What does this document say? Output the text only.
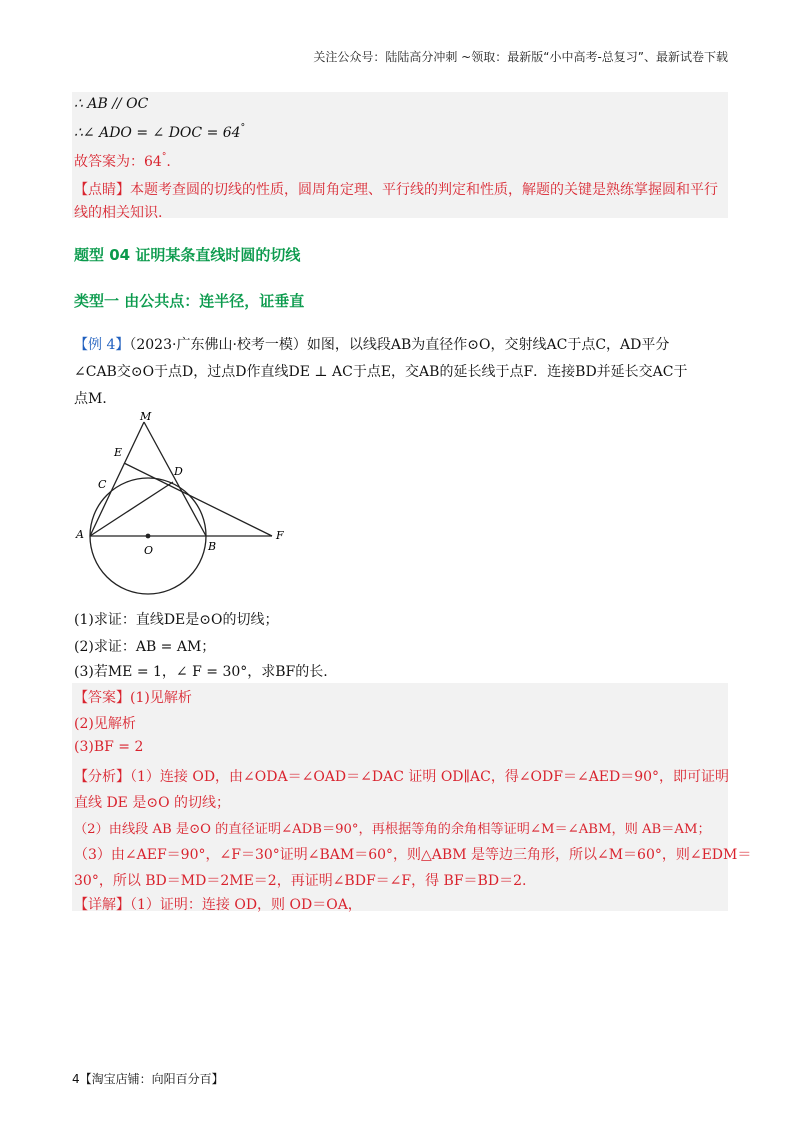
关注公众号：陆陆高分冲刺 ~领取：最新版“小中高考-总复习”、最新试卷下载
∴ AB // OC
∴∠ ADO = ∠ DOC = 64°
故答案为：64°.
【点睛】本题考查圆的切线的性质，圆周角定理、平行线的判定和性质，解题的关键是熟练掌握圆和平行
线的相关知识.
题型 04 证明某条直线时圆的切线
类型一 由公共点：连半径，证垂直
【例 4】（2023·广东佛山·校考一模）如图，以线段AB为直径作⊙O，交射线AC于点C，AD平分
∠CAB交⊙O于点D，过点D作直线DE ⊥ AC于点E，交AB的延长线于点F．连接BD并延长交AC于
点M．
M
E
D
C
A
O	B
F
(1)求证：直线DE是⊙O的切线；
(2)求证：AB = AM；
(3)若ME = 1，∠ F = 30°，求BF的长.
【答案】(1)见解析
(2)见解析
(3)BF = 2
【分析】（1）连接 OD，由∠ODA＝∠OAD＝∠DAC 证明 OD∥AC，得∠ODF＝∠AED＝90°，即可证明
直线 DE 是⊙O 的切线；
（2）由线段 AB 是⊙O 的直径证明∠ADB＝90°，再根据等角的余角相等证明∠M＝∠ABM，则 AB＝AM；
（3）由∠AEF＝90°，∠F＝30°证明∠BAM＝60°，则△ABM 是等边三角形，所以∠M＝60°，则∠EDM＝
30°，所以 BD＝MD＝2ME＝2，再证明∠BDF＝∠F，得 BF＝BD＝2.
【详解】（1）证明：连接 OD，则 OD＝OA，
4【淘宝店铺：向阳百分百】
